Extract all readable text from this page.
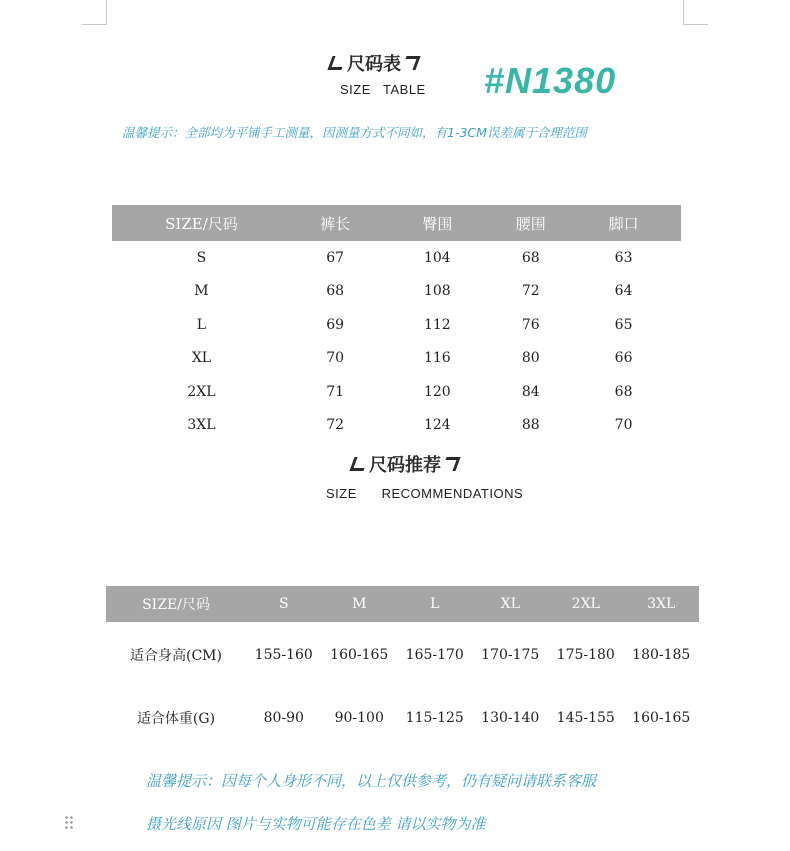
尺码表
SIZE   TABLE #N1380
温馨提示：全部均为平铺手工测量，因测量方式不同如，有1-3CM误差属于合理范围
SIZE/尺码	裤长	臀围	腰围	脚口
S	67	104	68	63
M	68	108	72	64
L	69	112	76	65
XL	70	116	80	66
2XL	71	120	84	68
3XL	72	124	88	70
尺码推荐
SIZE      RECOMMENDATIONS
SIZE/尺码	S	M	L	XL	2XL	3XL
适合身高(CM)	155-160	160-165	165-170	170-175	175-180	180-185
适合体重(G)	80-90	90-100	115-125	130-140	145-155	160-165
温馨提示：因每个人身形不同，以上仅供参考，仍有疑问请联系客服
摄光线原因 图片与实物可能存在色差 请以实物为准
